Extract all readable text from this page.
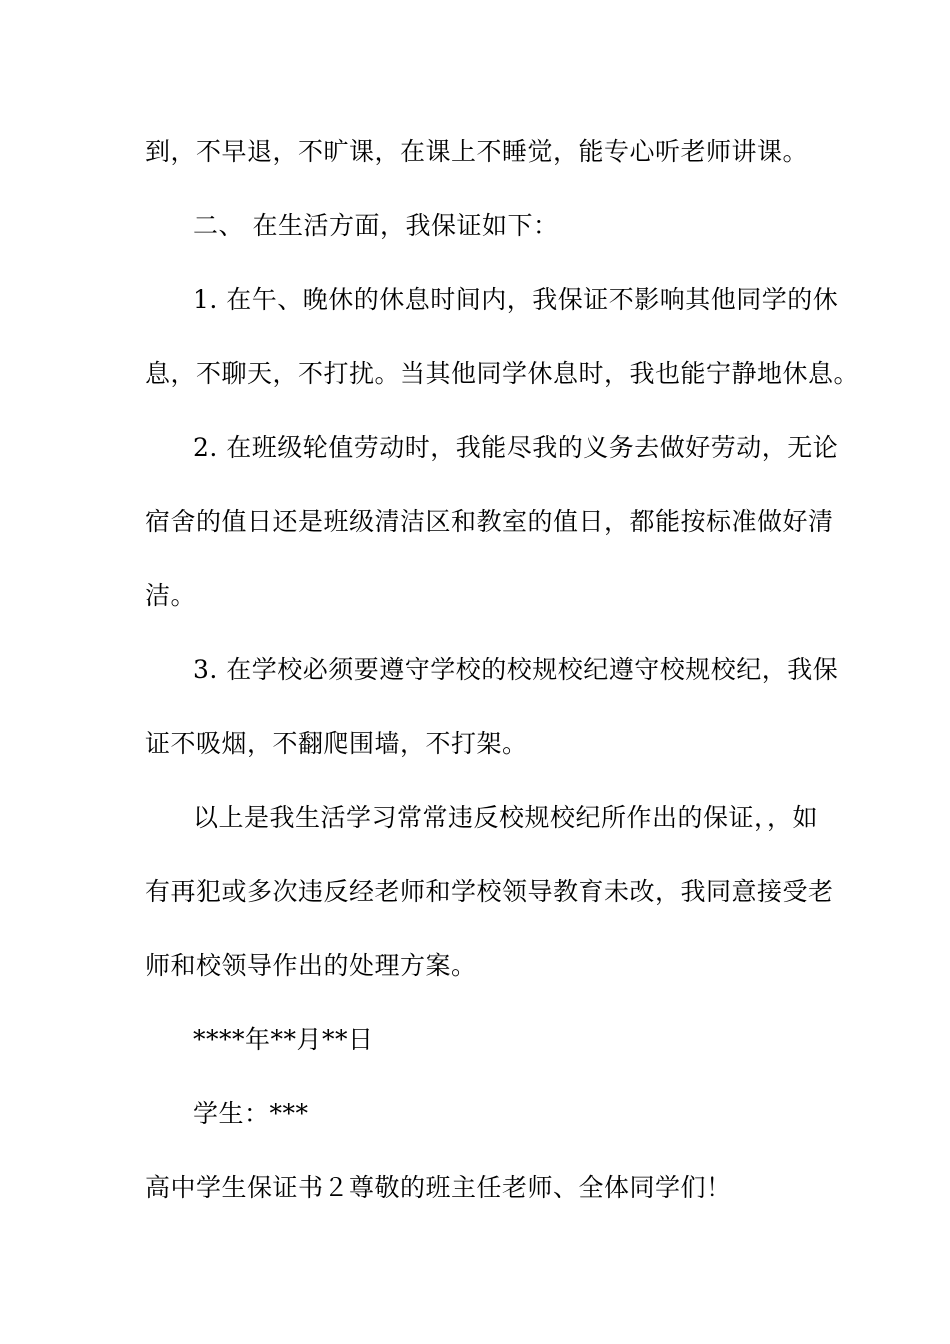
到，不早退，不旷课，在课上不睡觉，能专心听老师讲课。

二、 在生活方面，我保证如下：

1. 在午、晚休的休息时间内，我保证不影响其他同学的休

息，不聊天，不打扰。当其他同学休息时，我也能宁静地休息。

2. 在班级轮值劳动时，我能尽我的义务去做好劳动，无论

宿舍的值日还是班级清洁区和教室的值日，都能按标准做好清

洁。

3. 在学校必须要遵守学校的校规校纪遵守校规校纪，我保

证不吸烟，不翻爬围墙，不打架。

以上是我生活学习常常违反校规校纪所作出的保证，，如

有再犯或多次违反经老师和学校领导教育未改，我同意接受老

师和校领导作出的处理方案。

****年**月**日

学生：***

高中学生保证书２尊敬的班主任老师、全体同学们！
